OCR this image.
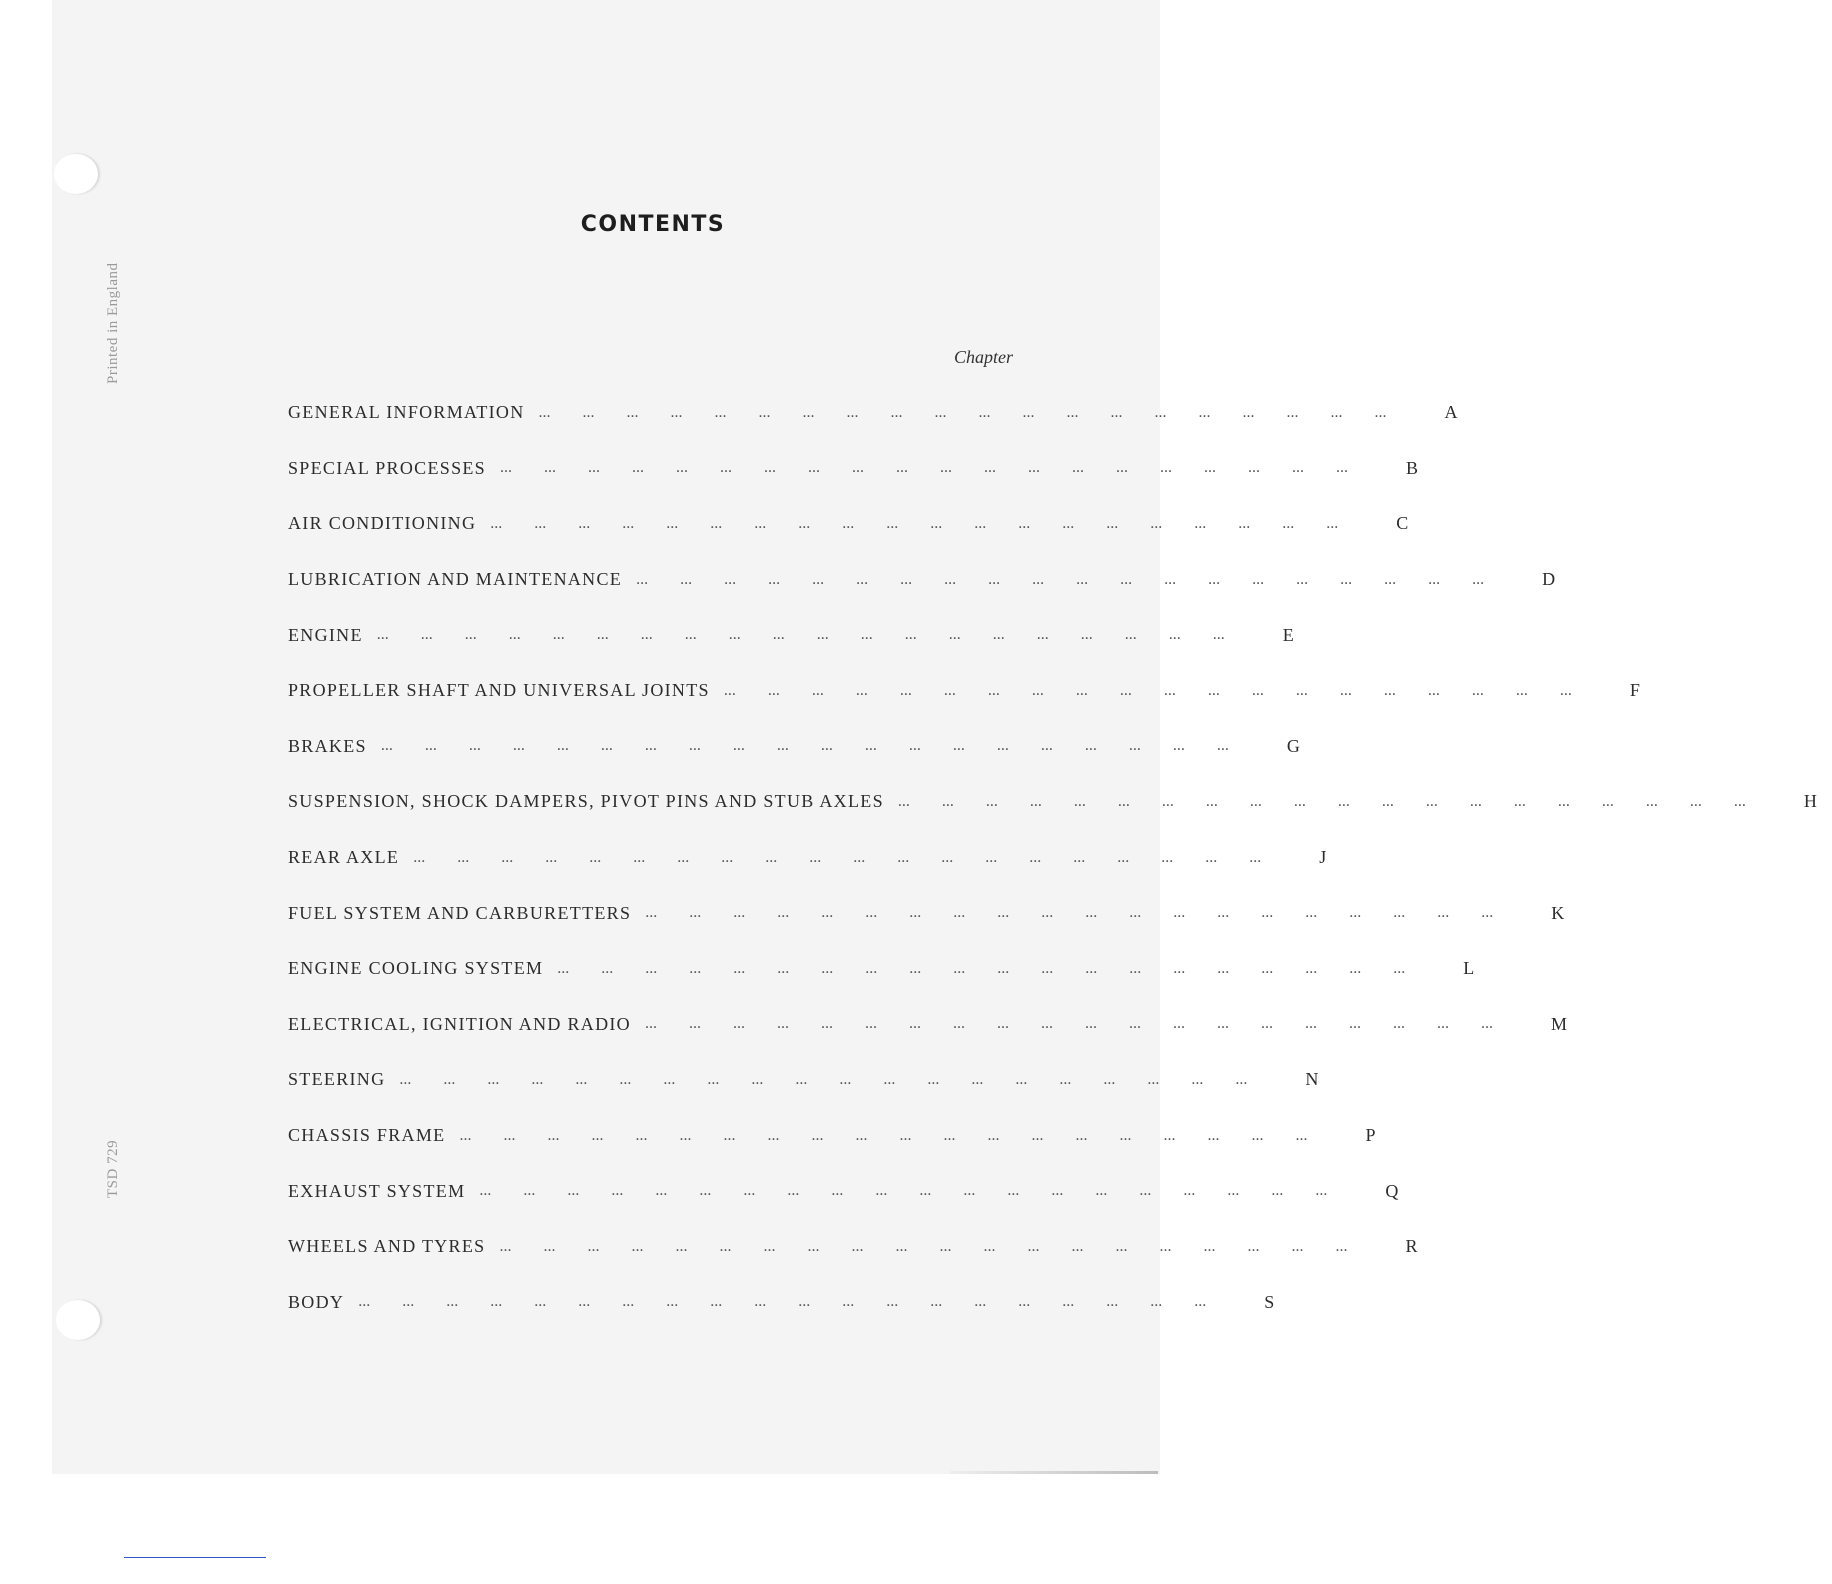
Printed in England
TSD 729
CONTENTS
Chapter
GENERAL INFORMATION ...  ...  ...  ...  ...  ...  ...  ...  ...  ...  ...  ...  ...  ...  ...  ...  ...  ...  ...  ...   A
SPECIAL PROCESSES ...  ...  ...  ...  ...  ...  ...  ...  ...  ...  ...  ...  ...  ...  ...  ...  ...  ...  ...  ...   B
AIR CONDITIONING ...  ...  ...  ...  ...  ...  ...  ...  ...  ...  ...  ...  ...  ...  ...  ...  ...  ...  ...  ...   C
LUBRICATION AND MAINTENANCE ...  ...  ...  ...  ...  ...  ...  ...  ...  ...  ...  ...  ...  ...  ...  ...  ...  ...  ...  ...   D
ENGINE ...  ...  ...  ...  ...  ...  ...  ...  ...  ...  ...  ...  ...  ...  ...  ...  ...  ...  ...  ...   E
PROPELLER SHAFT AND UNIVERSAL JOINTS ...  ...  ...  ...  ...  ...  ...  ...  ...  ...  ...  ...  ...  ...  ...  ...  ...  ...  ...  ...   F
BRAKES ...  ...  ...  ...  ...  ...  ...  ...  ...  ...  ...  ...  ...  ...  ...  ...  ...  ...  ...  ...   G
SUSPENSION, SHOCK DAMPERS, PIVOT PINS AND STUB AXLES ...  ...  ...  ...  ...  ...  ...  ...  ...  ...  ...  ...  ...  ...  ...  ...  ...  ...  ...  ...   H
REAR AXLE ...  ...  ...  ...  ...  ...  ...  ...  ...  ...  ...  ...  ...  ...  ...  ...  ...  ...  ...  ...   J
FUEL SYSTEM AND CARBURETTERS ...  ...  ...  ...  ...  ...  ...  ...  ...  ...  ...  ...  ...  ...  ...  ...  ...  ...  ...  ...   K
ENGINE COOLING SYSTEM ...  ...  ...  ...  ...  ...  ...  ...  ...  ...  ...  ...  ...  ...  ...  ...  ...  ...  ...  ...   L
ELECTRICAL, IGNITION AND RADIO ...  ...  ...  ...  ...  ...  ...  ...  ...  ...  ...  ...  ...  ...  ...  ...  ...  ...  ...  ...   M
STEERING ...  ...  ...  ...  ...  ...  ...  ...  ...  ...  ...  ...  ...  ...  ...  ...  ...  ...  ...  ...   N
CHASSIS FRAME ...  ...  ...  ...  ...  ...  ...  ...  ...  ...  ...  ...  ...  ...  ...  ...  ...  ...  ...  ...   P
EXHAUST SYSTEM ...  ...  ...  ...  ...  ...  ...  ...  ...  ...  ...  ...  ...  ...  ...  ...  ...  ...  ...  ...   Q
WHEELS AND TYRES ...  ...  ...  ...  ...  ...  ...  ...  ...  ...  ...  ...  ...  ...  ...  ...  ...  ...  ...  ...   R
BODY ...  ...  ...  ...  ...  ...  ...  ...  ...  ...  ...  ...  ...  ...  ...  ...  ...  ...  ...  ...   S
